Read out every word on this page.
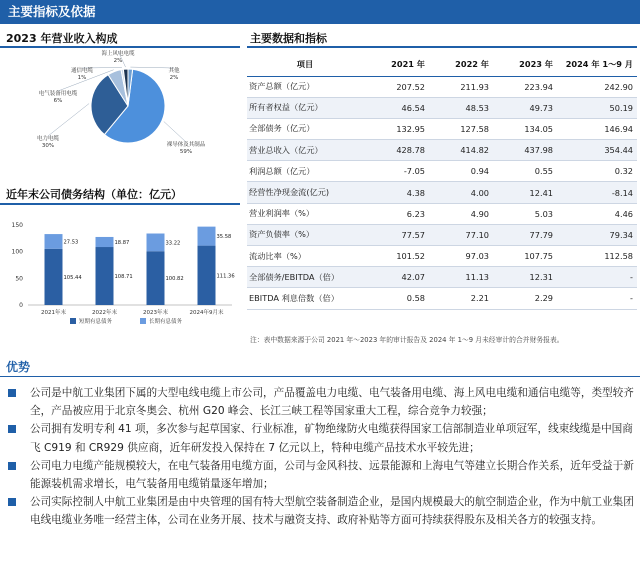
主要指标及依据
2023 年营业收入构成
裸导体及其制品
59%
电力电缆
30%
电气装备用电缆
6%
通信电缆
1%
海上风电电缆
2%
其他
2%
近年末公司债务结构（单位：亿元）
0
50
100
150
105.44
27.53
2021年末
108.71
18.87
2022年末
100.82
33.22
2023年末
111.36
35.58
2024年9月末
短期有息债务	长期有息债务
主要数据和指标
项目	2021 年	2022 年	2023 年	2024 年 1～9 月
资产总额（亿元）	207.52	211.93	223.94	242.90
所有者权益（亿元）	46.54	48.53	49.73	50.19
全部债务（亿元）	132.95	127.58	134.05	146.94
营业总收入（亿元）	428.78	414.82	437.98	354.44
利润总额（亿元）	-7.05	0.94	0.55	0.32
经营性净现金流(亿元)	4.38	4.00	12.41	-8.14
营业利润率（%）	6.23	4.90	5.03	4.46
资产负债率（%）	77.57	77.10	77.79	79.34
流动比率（%）	101.52	97.03	107.75	112.58
全部债务/EBITDA（倍）	42.07	11.13	12.31	-
EBITDA 利息倍数（倍）	0.58	2.21	2.29	-
注：表中数据来源于公司 2021 年～2023 年的审计报告及 2024 年 1～9 月未经审计的合并财务报表。
优势
公司是中航工业集团下属的大型电线电缆上市公司，产品覆盖电力电缆、电气装备用电缆、海上风电电缆和通信电缆等，类型较齐全，产品被应用于北京冬奥会、杭州 G20 峰会、长江三峡工程等国家重大工程，综合竞争力较强；
公司拥有发明专利 41 项，多次参与起草国家、行业标准，矿物绝缘防火电缆获得国家工信部制造业单项冠军，线束线缆是中国商飞 C919 和 CR929 供应商，近年研发投入保持在 7 亿元以上，特种电缆产品技术水平较先进；
公司电力电缆产能规模较大，在电气装备用电缆方面，公司与金风科技、远景能源和上海电气等建立长期合作关系，近年受益于新能源装机需求增长，电气装备用电缆销量逐年增加；
公司实际控制人中航工业集团是由中央管理的国有特大型航空装备制造企业，是国内规模最大的航空制造企业，作为中航工业集团电线电缆业务唯一经营主体，公司在业务开展、技术与融资支持、政府补贴等方面可持续获得股东及相关各方的较强支持。
